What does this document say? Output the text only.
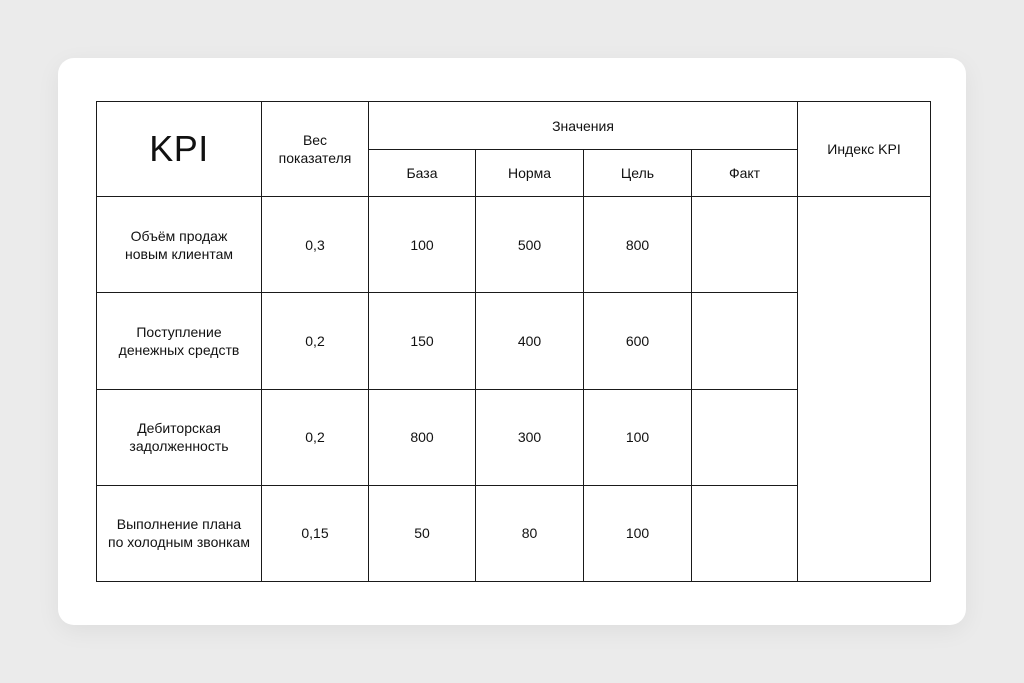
KPI	Вес
показателя	Значения				Индекс KPI
		База	Норма	Цель	Факт	
Объём продаж
новым клиентам	0,3	100	500	800		
Поступление
денежных средств	0,2	150	400	600		
Дебиторская
задолженность	0,2	800	300	100		
Выполнение плана
по холодным звонкам	0,15	50	80	100		
